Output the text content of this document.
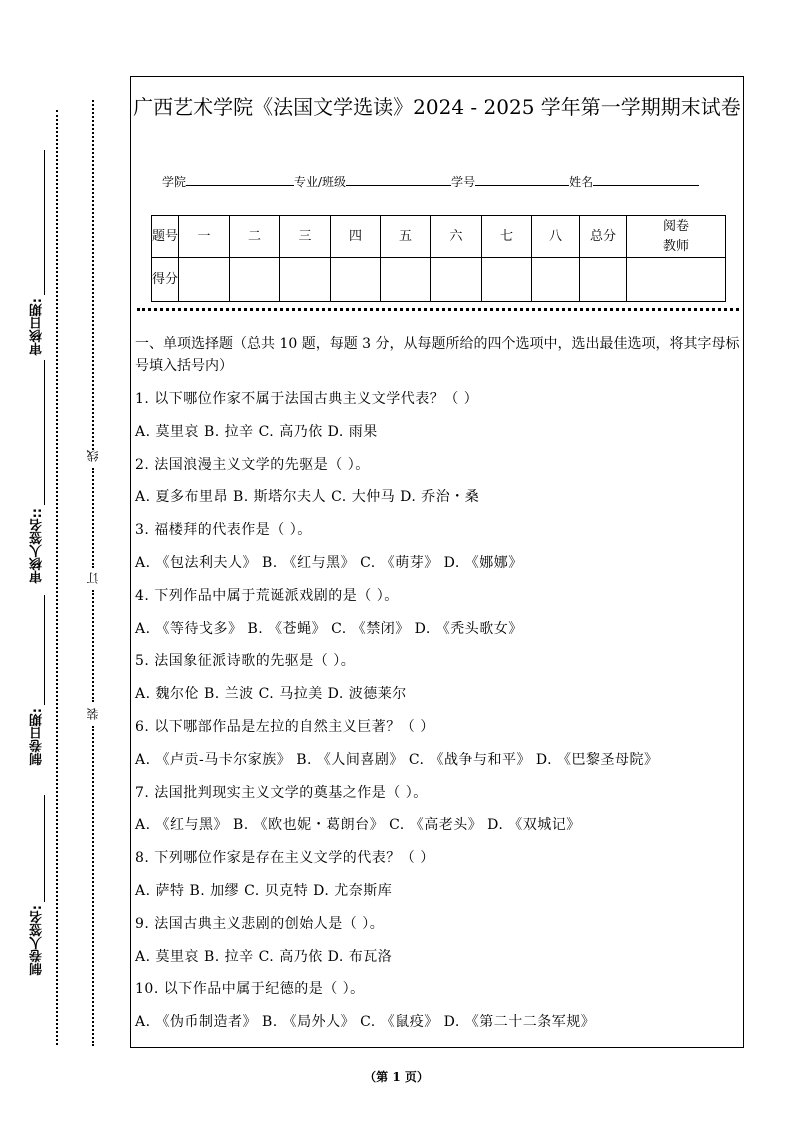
审核日期:
审核人签名::
制卷日期:
制卷人签名:
线
订
装
广西艺术学院《法国文学选读》2024 - 2025 学年第一学期期末试卷
学院	专业/班级	学号	姓名
题号	一	二	三	四	五	六	七	八	总分	阅卷教师

得分										
一、单项选择题（总共 10 题，每题 3 分，从每题所给的四个选项中，选出最佳选项，将其字母标号填入括号内）
1. 以下哪位作家不属于法国古典主义文学代表？（ ）
A. 莫里哀 B. 拉辛 C. 高乃依 D. 雨果
2. 法国浪漫主义文学的先驱是（ ）。
A. 夏多布里昂 B. 斯塔尔夫人 C. 大仲马 D. 乔治・桑
3. 福楼拜的代表作是（ ）。
A. 《包法利夫人》 B. 《红与黑》 C. 《萌芽》 D. 《娜娜》
4. 下列作品中属于荒诞派戏剧的是（ ）。
A. 《等待戈多》 B. 《苍蝇》 C. 《禁闭》 D. 《秃头歌女》
5. 法国象征派诗歌的先驱是（ ）。
A. 魏尔伦 B. 兰波 C. 马拉美 D. 波德莱尔
6. 以下哪部作品是左拉的自然主义巨著？（ ）
A. 《卢贡-马卡尔家族》 B. 《人间喜剧》 C. 《战争与和平》 D. 《巴黎圣母院》
7. 法国批判现实主义文学的奠基之作是（ ）。
A. 《红与黑》 B. 《欧也妮・葛朗台》 C. 《高老头》 D. 《双城记》
8. 下列哪位作家是存在主义文学的代表？（ ）
A. 萨特 B. 加缪 C. 贝克特 D. 尤奈斯库
9. 法国古典主义悲剧的创始人是（ ）。
A. 莫里哀 B. 拉辛 C. 高乃依 D. 布瓦洛
10. 以下作品中属于纪德的是（ ）。
A. 《伪币制造者》 B. 《局外人》 C. 《鼠疫》 D. 《第二十二条军规》
（第 1 页）
